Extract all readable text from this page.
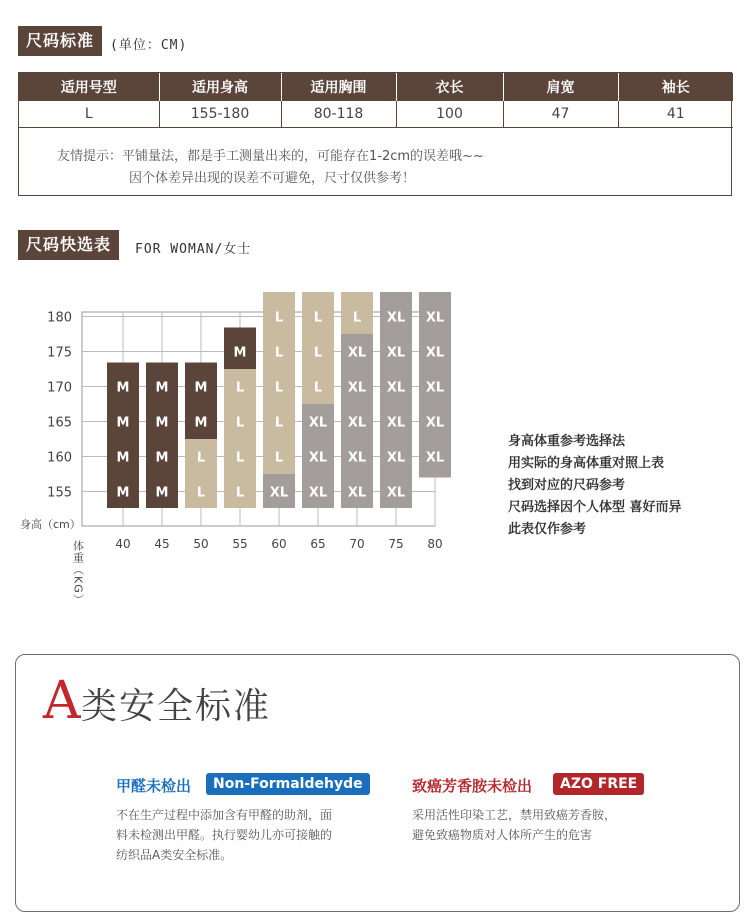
尺码标准	(单位：CM)
适用号型	适用身高	适用胸围	衣长	肩宽	袖长
L	155-180	80-118	100	47	41
友情提示：平铺量法，都是手工测量出来的，可能存在1-2cm的误差哦~~
因个体差异出现的误差不可避免，尺寸仅供参考！
尺码快选表	FOR WOMAN/女士
180
175
170
165
160
155
40 45 50 55 60 65 70 75 80
身高（cm）
体重（KG）
M
M
M
M
M
M
M
M
M
M
L
L
M
L
L
L
L
L
L
L
L
L
XL
L
L
L
XL
XL
XL
L
XL
XL
XL
XL
XL
XL
XL
XL
XL
XL
XL
XL
XL
XL
XL
XL
身高体重参考选择法
用实际的身高体重对照上表
找到对应的尺码参考
尺码选择因个人体型 喜好而异
此表仅作参考
A 类安全标准
甲醛未检出	Non-Formaldehyde
不在生产过程中添加含有甲醛的助剂，面
料未检测出甲醛。执行婴幼儿亦可接触的
纺织品A类安全标准。
致癌芳香胺未检出	AZO FREE
采用活性印染工艺，禁用致癌芳香胺，
避免致癌物质对人体所产生的危害
